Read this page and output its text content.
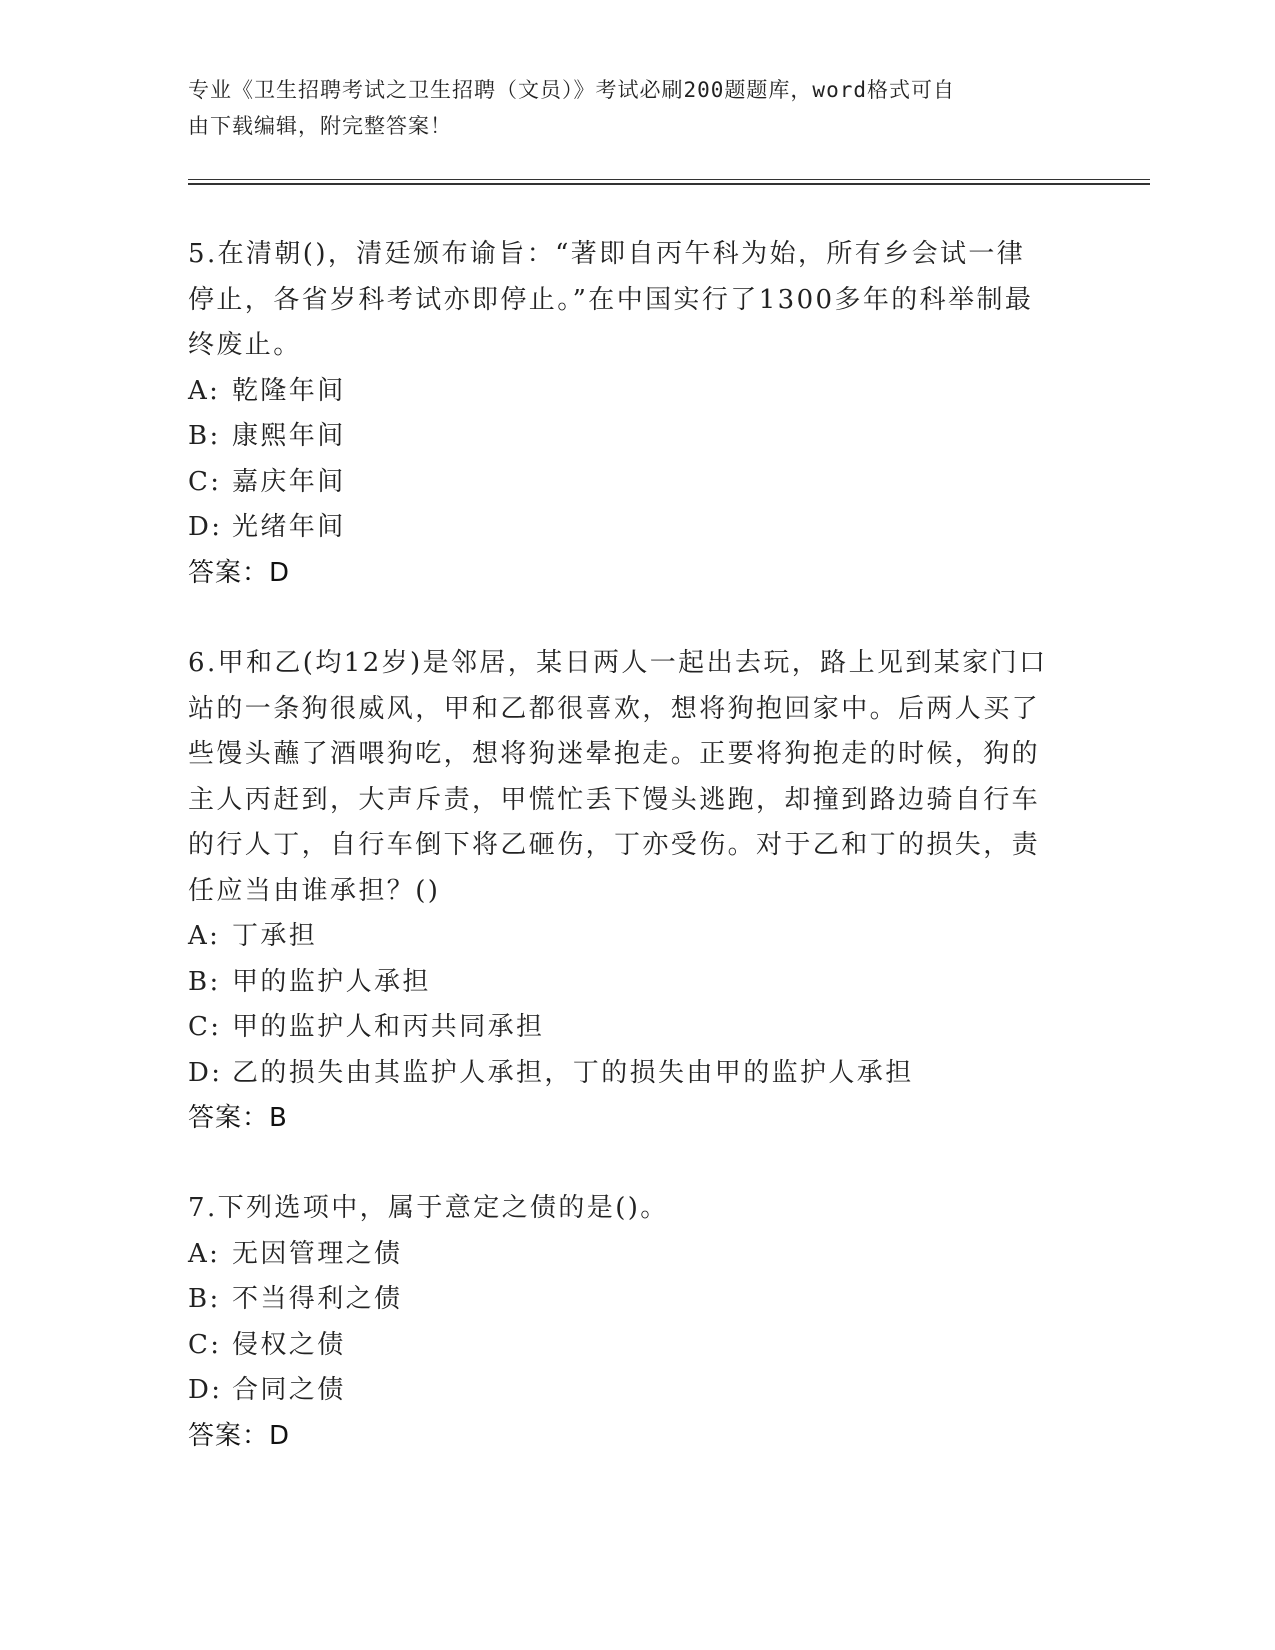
专业《卫生招聘考试之卫生招聘（文员）》考试必刷200题题库，word格式可自
由下载编辑，附完整答案！
5.在清朝()，清廷颁布谕旨：“著即自丙午科为始，所有乡会试一律
停止，各省岁科考试亦即停止。”在中国实行了1300多年的科举制最
终废止。
A: 乾隆年间
B: 康熙年间
C: 嘉庆年间
D: 光绪年间
答案：D
6.甲和乙(均12岁)是邻居，某日两人一起出去玩，路上见到某家门口
站的一条狗很威风，甲和乙都很喜欢，想将狗抱回家中。后两人买了
些馒头蘸了酒喂狗吃，想将狗迷晕抱走。正要将狗抱走的时候，狗的
主人丙赶到，大声斥责，甲慌忙丢下馒头逃跑，却撞到路边骑自行车
的行人丁，自行车倒下将乙砸伤，丁亦受伤。对于乙和丁的损失，责
任应当由谁承担？()
A: 丁承担
B: 甲的监护人承担
C: 甲的监护人和丙共同承担
D: 乙的损失由其监护人承担，丁的损失由甲的监护人承担
答案：B
7.下列选项中，属于意定之债的是()。
A: 无因管理之债
B: 不当得利之债
C: 侵权之债
D: 合同之债
答案：D
